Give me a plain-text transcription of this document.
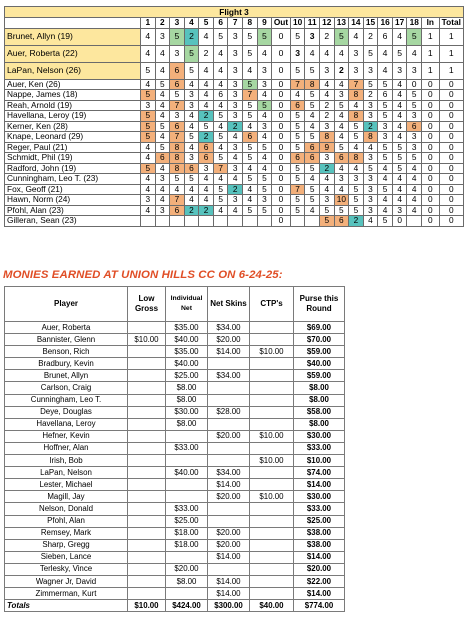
Flight 3																					
	1	2	3	4	5	6	7	8	9	Out	10	11	12	13	14	15	16	17	18	In	Total
Brunet, Allyn (19)	4	3	5	2	4	5	3	5	5	0	5	3	2	5	4	2	6	4	5	1	1
Auer, Roberta (22)	4	4	3	5	2	4	3	5	4	0	3	4	4	4	3	5	4	5	4	1	1
LaPan, Nelson (26)	5	4	6	5	4	4	3	4	3	0	5	5	3	2	3	3	4	3	3	1	1
Auer, Ken (26)	4	5	6	4	4	4	3	5	3	0	7	8	4	4	7	5	5	4	0	0	0
Nappe, James (18)	5	4	5	3	4	6	3	7	4	0	4	5	4	3	8	2	6	4	5	0	0
Reah, Arnold (19)	3	4	7	3	4	4	3	5	5	0	6	5	2	5	4	3	5	4	5	0	0
Havellana, Leroy (19)	5	4	3	4	2	5	3	5	4	0	5	4	2	4	8	3	5	4	3	0	0
Kerner, Ken (28)	5	5	6	4	5	4	2	4	3	0	5	4	3	4	5	2	3	4	6	0	0
Knape, Leonard (29)	5	4	7	5	2	5	4	6	4	0	5	5	8	4	5	8	3	4	3	0	0
Reger, Paul (21)	4	5	8	4	6	4	3	5	5	0	5	6	9	5	4	4	5	5	3	0	0
Schmidt, Phil (19)	4	6	8	3	6	5	4	5	4	0	6	6	3	6	8	3	5	5	5	0	0
Radford, John (19)	5	4	8	6	3	7	3	4	4	0	5	5	2	4	4	5	4	5	4	0	0
Cunningham, Leo T. (23)	4	3	5	5	4	4	4	5	5	0	5	4	4	3	3	3	4	4	4	0	0
Fox, Geoff (21)	4	4	4	4	4	5	2	4	5	0	7	5	4	4	5	3	5	4	4	0	0
Hawn, Norm (24)	3	4	7	4	4	5	3	4	3	0	5	5	3	10	5	3	4	4	4	0	0
Pfohl, Alan (23)	4	3	6	2	2	4	4	5	5	0	5	4	5	5	5	3	4	3	4	0	0
Gilleran, Sean (23)										0			5	6	2	4	5	0		0	0
MONIES EARNED AT UNION HILLS CC ON 6-24-25:
Player	Low Gross	Individual Net	Net Skins	CTP's	Purse this Round
Auer, Roberta		$35.00	$34.00		$69.00
Bannister, Glenn	$10.00	$40.00	$20.00		$70.00
Benson, Rich		$35.00	$14.00	$10.00	$59.00
Bradbury, Kevin		$40.00			$40.00
Brunet, Allyn		$25.00	$34.00		$59.00
Carlson, Craig		$8.00			$8.00
Cunningham, Leo T.		$8.00			$8.00
Deye, Douglas		$30.00	$28.00		$58.00
Havellana, Leroy		$8.00			$8.00
Hefner, Kevin			$20.00	$10.00	$30.00
Hoffner, Alan		$33.00			$33.00
Irish, Bob				$10.00	$10.00
LaPan, Nelson		$40.00	$34.00		$74.00
Lester, Michael			$14.00		$14.00
Magill, Jay			$20.00	$10.00	$30.00
Nelson, Donald		$33.00			$33.00
Pfohl, Alan		$25.00			$25.00
Remsey, Mark		$18.00	$20.00		$38.00
Sharp, Gregg		$18.00	$20.00		$38.00
Sieben, Lance			$14.00		$14.00
Terlesky, Vince		$20.00			$20.00
Wagner Jr, David		$8.00	$14.00		$22.00
Zimmerman, Kurt			$14.00		$14.00
Totals	$10.00	$424.00	$300.00	$40.00	$774.00
